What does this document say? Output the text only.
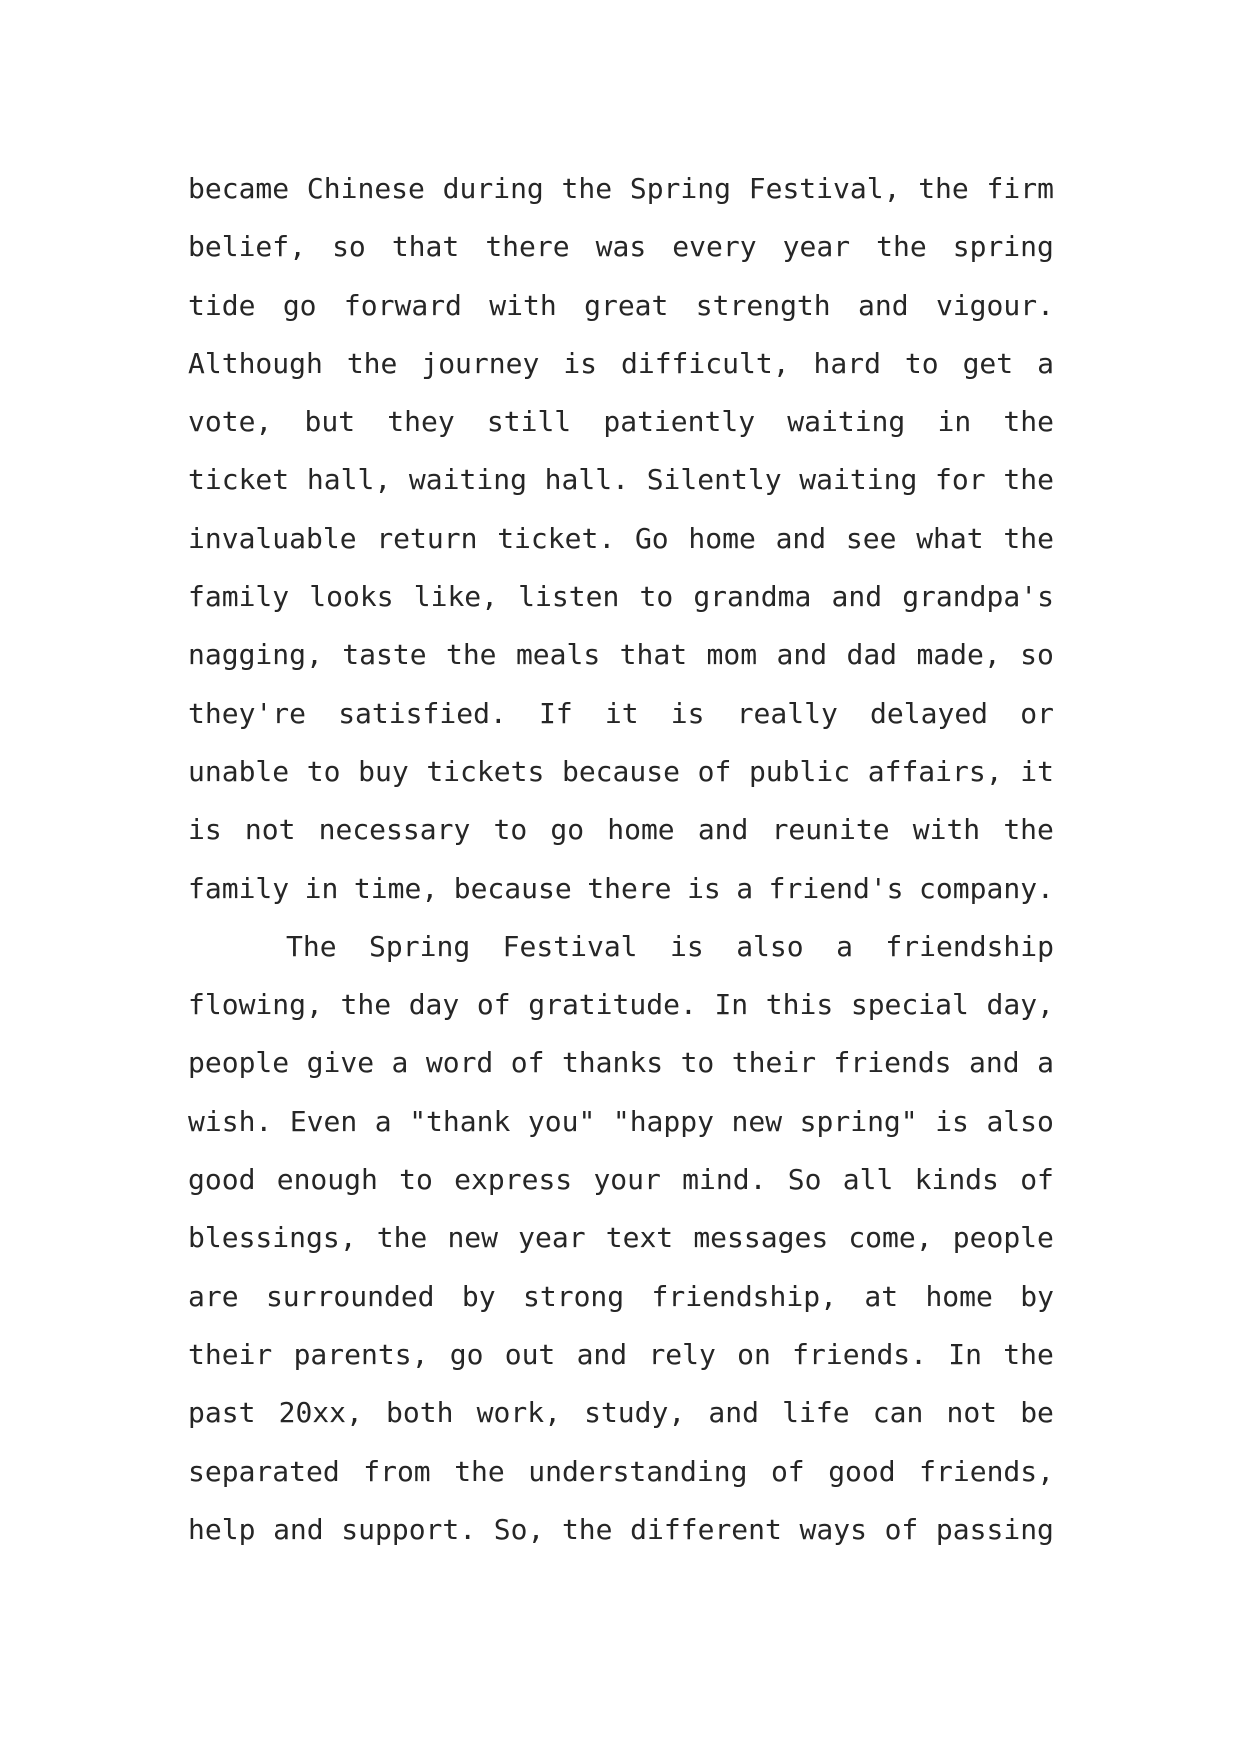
became Chinese during the Spring Festival, the firm
belief, so that there was every year the spring
tide go forward with great strength and vigour.
Although the journey is difficult, hard to get a
vote, but they still patiently waiting in the
ticket hall, waiting hall. Silently waiting for the
invaluable return ticket. Go home and see what the
family looks like, listen to grandma and grandpa's
nagging, taste the meals that mom and dad made, so
they're satisfied. If it is really delayed or
unable to buy tickets because of public affairs, it
is not necessary to go home and reunite with the
family in time, because there is a friend's company.
The Spring Festival is also a friendship
flowing, the day of gratitude. In this special day,
people give a word of thanks to their friends and a
wish. Even a "thank you" "happy new spring" is also
good enough to express your mind. So all kinds of
blessings, the new year text messages come, people
are surrounded by strong friendship, at home by
their parents, go out and rely on friends. In the
past 20xx, both work, study, and life can not be
separated from the understanding of good friends,
help and support. So, the different ways of passing
